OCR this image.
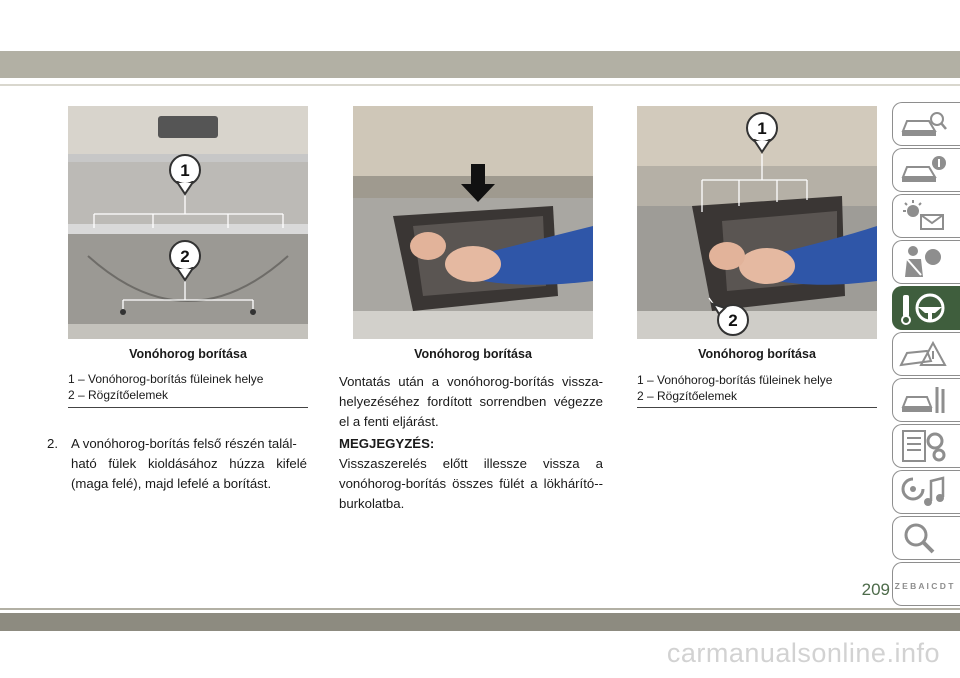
1
2
Vonóhorog borítása
1 – Vonóhorog-borítás füleinek helye
2 – Rögzítőelemek
Vonóhorog borítása
1
2
Vonóhorog borítása
1 – Vonóhorog-borítás füleinek helye
2 – Rögzítőelemek
2. A vonóhorog-borítás felső részén talál-
ható fülek kioldásához húzza kifelé (maga felé), majd lefelé a borítást.
Vontatás után a vonóhorog-borítás vissza-helyezéséhez fordított sorrendben végezze el a fenti eljárást.
MEGJEGYZÉS:
Visszaszerelés előtt illessze vissza a vonóhorog-borítás összes fülét a lökhárító--burkolatba.
Z E B A I C D T
209
carmanualsonline.info
